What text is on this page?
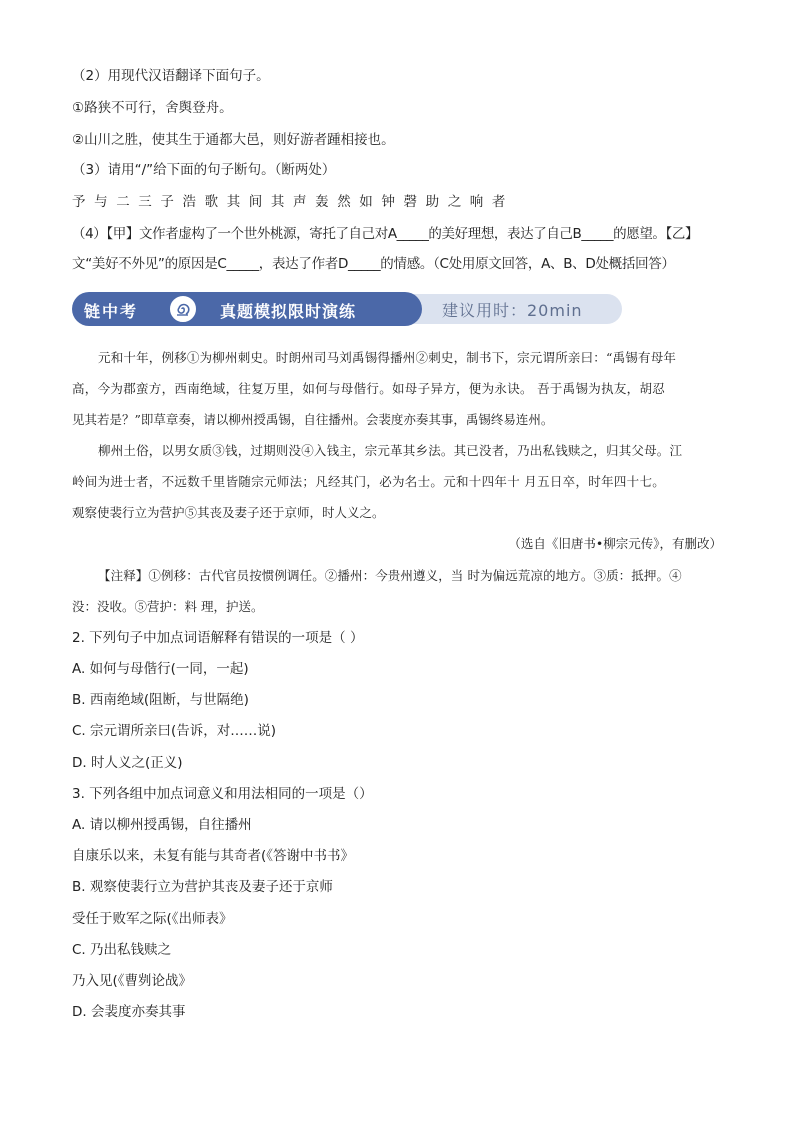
（2）用现代汉语翻译下面句子。
①路狭不可行，舍舆登舟。
②山川之胜，使其生于通都大邑，则好游者踵相接也。
（3）请用“/”给下面的句子断句。（断两处）
予与二三子浩歌其间其声轰然如钟磬助之响者
（4）【甲】文作者虚构了一个世外桃源，寄托了自己对A_____的美好理想，表达了自己B_____的愿望。【乙】
文“美好不外见”的原因是C_____，表达了作者D_____的情感。（C处用原文回答，A、B、D处概括回答）
链中考	真题模拟限时演练	建议用时：20min
元和十年，例移①为柳州刺史。时朗州司马刘禹锡得播州②刺史，制书下，宗元谓所亲曰：“禹锡有母年
高，今为郡蛮方，西南绝域，往复万里，如何与母偕行。如母子异方，便为永诀。 吾于禹锡为执友，胡忍
见其若是？”即草章奏，请以柳州授禹锡，自往播州。会裴度亦奏其事，禹锡终易连州。
柳州土俗，以男女质③钱，过期则没④入钱主，宗元革其乡法。其已没者，乃出私钱赎之，归其父母。江
岭间为进士者，不远数千里皆随宗元师法；凡经其门，必为名士。元和十四年十 月五日卒，时年四十七。
观察使裴行立为营护⑤其丧及妻子还于京师，时人义之。
（选自《旧唐书•柳宗元传》，有删改）
【注释】①例移：古代官员按惯例调任。②播州：今贵州遵义，当 时为偏远荒凉的地方。③质：抵押。④
没：没收。⑤营护：料 理，护送。
2. 下列句子中加点词语解释有错误的一项是（ ）
A. 如何与母偕行(一同，一起)
B. 西南绝域(阻断，与世隔绝)
C. 宗元谓所亲曰(告诉，对……说)
D. 时人义之(正义)
3. 下列各组中加点词意义和用法相同的一项是（）
A. 请以柳州授禹锡，自往播州
自康乐以来，未复有能与其奇者(《答谢中书书》
B. 观察使裴行立为营护其丧及妻子还于京师
受任于败军之际(《出师表》
C. 乃出私钱赎之
乃入见(《曹刿论战》
D. 会裴度亦奏其事
